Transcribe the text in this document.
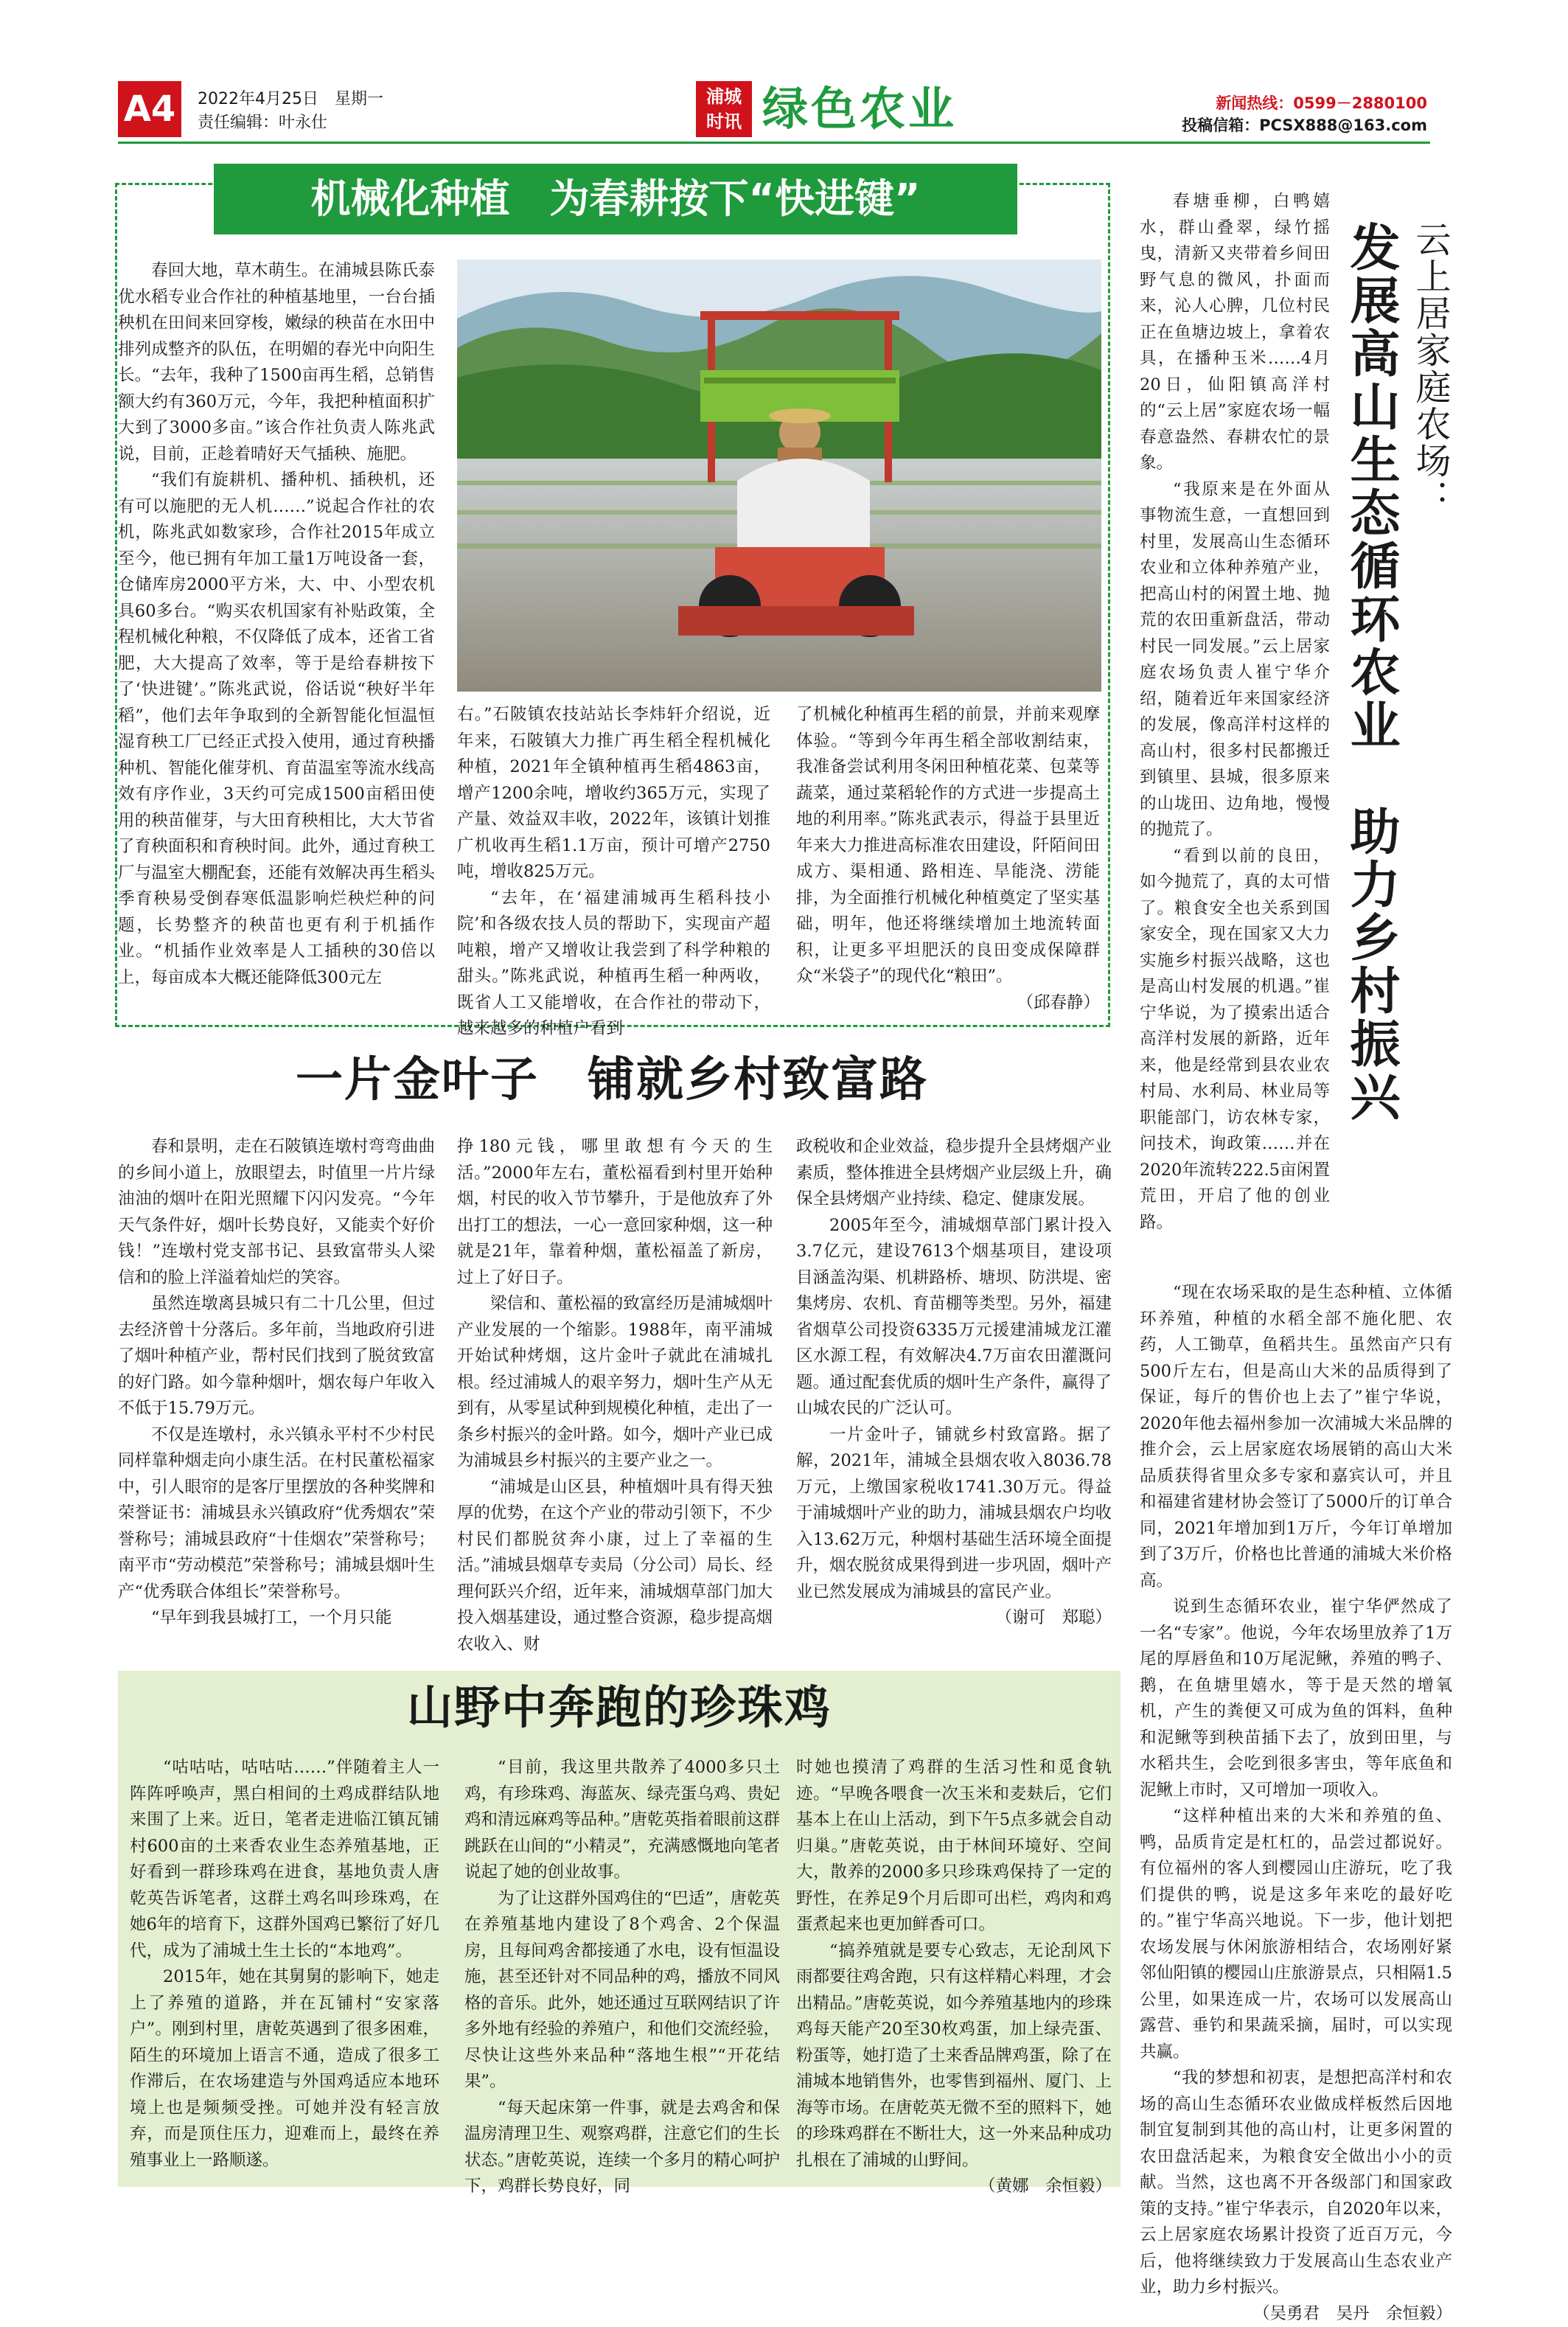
A4	2022年4月25日　星期一
责任编辑：叶永仕
浦城
时讯 绿色农业	新闻热线：0599－2880100
投稿信箱：PCSX888@163.com
机械化种植　为春耕按下“快进键”

春回大地，草木萌生。在浦城县陈氏泰优水稻专业合作社的种植基地里，一台台插秧机在田间来回穿梭，嫩绿的秧苗在水田中排列成整齐的队伍，在明媚的春光中向阳生长。“去年，我种了1500亩再生稻，总销售额大约有360万元，今年，我把种植面积扩大到了3000多亩。”该合作社负责人陈兆武说，目前，正趁着晴好天气插秧、施肥。

“我们有旋耕机、播种机、插秧机，还有可以施肥的无人机……”说起合作社的农机，陈兆武如数家珍，合作社2015年成立至今，他已拥有年加工量1万吨设备一套，仓储库房2000平方米，大、中、小型农机具60多台。“购买农机国家有补贴政策，全程机械化种粮，不仅降低了成本，还省工省肥，大大提高了效率，等于是给春耕按下了‘快进键’。”陈兆武说，俗话说“秧好半年稻”，他们去年争取到的全新智能化恒温恒湿育秧工厂已经正式投入使用，通过育秧播种机、智能化催芽机、育苗温室等流水线高效有序作业，3天约可完成1500亩稻田使用的秧苗催芽，与大田育秧相比，大大节省了育秧面积和育秧时间。此外，通过育秧工厂与温室大棚配套，还能有效解决再生稻头季育秧易受倒春寒低温影响烂秧烂种的问题，长势整齐的秧苗也更有利于机插作业。“机插作业效率是人工插秧的30倍以上，每亩成本大概还能降低300元左

右。”石陂镇农技站站长李炜轩介绍说，近年来，石陂镇大力推广再生稻全程机械化种植，2021年全镇种植再生稻4863亩，增产1200余吨，增收约365万元，实现了产量、效益双丰收，2022年，该镇计划推广机收再生稻1.1万亩，预计可增产2750吨，增收825万元。

“去年，在‘福建浦城再生稻科技小院’和各级农技人员的帮助下，实现亩产超吨粮，增产又增收让我尝到了科学种粮的甜头。”陈兆武说，种植再生稻一种两收，既省人工又能增收，在合作社的带动下，越来越多的种植户看到

了机械化种植再生稻的前景，并前来观摩体验。“等到今年再生稻全部收割结束，我准备尝试利用冬闲田种植花菜、包菜等蔬菜，通过菜稻轮作的方式进一步提高土地的利用率。”陈兆武表示，得益于县里近年来大力推进高标准农田建设，阡陌间田成方、渠相通、路相连、旱能浇、涝能排，为全面推行机械化种植奠定了坚实基础，明年，他还将继续增加土地流转面积，让更多平坦肥沃的良田变成保障群众“米袋子”的现代化“粮田”。

（邱春静）

一片金叶子　铺就乡村致富路

春和景明，走在石陂镇连墩村弯弯曲曲的乡间小道上，放眼望去，时值里一片片绿油油的烟叶在阳光照耀下闪闪发亮。“今年天气条件好，烟叶长势良好，又能卖个好价钱！”连墩村党支部书记、县致富带头人梁信和的脸上洋溢着灿烂的笑容。

虽然连墩离县城只有二十几公里，但过去经济曾十分落后。多年前，当地政府引进了烟叶种植产业，帮村民们找到了脱贫致富的好门路。如今靠种烟叶，烟农每户年收入不低于15.79万元。

不仅是连墩村，永兴镇永平村不少村民同样靠种烟走向小康生活。在村民董松福家中，引人眼帘的是客厅里摆放的各种奖牌和荣誉证书：浦城县永兴镇政府“优秀烟农”荣誉称号；浦城县政府“十佳烟农”荣誉称号；南平市“劳动模范”荣誉称号；浦城县烟叶生产“优秀联合体组长”荣誉称号。

“早年到我县城打工，一个月只能

挣180元钱，哪里敢想有今天的生活。”2000年左右，董松福看到村里开始种烟，村民的收入节节攀升，于是他放弃了外出打工的想法，一心一意回家种烟，这一种就是21年，靠着种烟，董松福盖了新房，过上了好日子。

梁信和、董松福的致富经历是浦城烟叶产业发展的一个缩影。1988年，南平浦城开始试种烤烟，这片金叶子就此在浦城扎根。经过浦城人的艰辛努力，烟叶生产从无到有，从零星试种到规模化种植，走出了一条乡村振兴的金叶路。如今，烟叶产业已成为浦城县乡村振兴的主要产业之一。

“浦城是山区县，种植烟叶具有得天独厚的优势，在这个产业的带动引领下，不少村民们都脱贫奔小康，过上了幸福的生活。”浦城县烟草专卖局（分公司）局长、经理何跃兴介绍，近年来，浦城烟草部门加大投入烟基建设，通过整合资源，稳步提高烟农收入、财

政税收和企业效益，稳步提升全县烤烟产业素质，整体推进全县烤烟产业层级上升，确保全县烤烟产业持续、稳定、健康发展。

2005年至今，浦城烟草部门累计投入3.7亿元，建设7613个烟基项目，建设项目涵盖沟渠、机耕路桥、塘坝、防洪堤、密集烤房、农机、育苗棚等类型。另外，福建省烟草公司投资6335万元援建浦城龙江灌区水源工程，有效解决4.7万亩农田灌溉问题。通过配套优质的烟叶生产条件，赢得了山城农民的广泛认可。

一片金叶子，铺就乡村致富路。据了解，2021年，浦城全县烟农收入8036.78万元，上缴国家税收1741.30万元。得益于浦城烟叶产业的助力，浦城县烟农户均收入13.62万元，种烟村基础生活环境全面提升，烟农脱贫成果得到进一步巩固，烟叶产业已然发展成为浦城县的富民产业。

（谢可　郑聪）

山野中奔跑的珍珠鸡

“咕咕咕，咕咕咕……”伴随着主人一阵阵呼唤声，黑白相间的土鸡成群结队地来围了上来。近日，笔者走进临江镇瓦铺村600亩的土来香农业生态养殖基地，正好看到一群珍珠鸡在进食，基地负责人唐乾英告诉笔者，这群土鸡名叫珍珠鸡，在她6年的培育下，这群外国鸡已繁衍了好几代，成为了浦城土生土长的“本地鸡”。

2015年，她在其舅舅的影响下，她走上了养殖的道路，并在瓦铺村“安家落户”。刚到村里，唐乾英遇到了很多困难，陌生的环境加上语言不通，造成了很多工作滞后，在农场建造与外国鸡适应本地环境上也是频频受挫。可她并没有轻言放弃，而是顶住压力，迎难而上，最终在养殖事业上一路顺遂。

“目前，我这里共散养了4000多只土鸡，有珍珠鸡、海蓝灰、绿壳蛋乌鸡、贵妃鸡和清远麻鸡等品种。”唐乾英指着眼前这群跳跃在山间的“小精灵”，充满感慨地向笔者说起了她的创业故事。

为了让这群外国鸡住的“巴适”，唐乾英在养殖基地内建设了8个鸡舍、2个保温房，且每间鸡舍都接通了水电，设有恒温设施，甚至还针对不同品种的鸡，播放不同风格的音乐。此外，她还通过互联网结识了许多外地有经验的养殖户，和他们交流经验，尽快让这些外来品种“落地生根”“开花结果”。

“每天起床第一件事，就是去鸡舍和保温房清理卫生、观察鸡群，注意它们的生长状态。”唐乾英说，连续一个多月的精心呵护下，鸡群长势良好，同

时她也摸清了鸡群的生活习性和觅食轨迹。“早晚各喂食一次玉米和麦麸后，它们基本上在山上活动，到下午5点多就会自动归巢。”唐乾英说，由于林间环境好、空间大，散养的2000多只珍珠鸡保持了一定的野性，在养足9个月后即可出栏，鸡肉和鸡蛋煮起来也更加鲜香可口。

“搞养殖就是要专心致志，无论刮风下雨都要往鸡舍跑，只有这样精心料理，才会出精品。”唐乾英说，如今养殖基地内的珍珠鸡每天能产20至30枚鸡蛋，加上绿壳蛋、粉蛋等，她打造了土来香品牌鸡蛋，除了在浦城本地销售外，也零售到福州、厦门、上海等市场。在唐乾英无微不至的照料下，她的珍珠鸡群在不断壮大，这一外来品种成功扎根在了浦城的山野间。

（黄娜　余恒毅）

云上居家庭农场：
发展高山生态循环农业　助力乡村振兴

春塘垂柳，白鸭嬉水，群山叠翠，绿竹摇曳，清新又夹带着乡间田野气息的微风，扑面而来，沁人心脾，几位村民正在鱼塘边坡上，拿着农具，在播种玉米……4月20日，仙阳镇高洋村的“云上居”家庭农场一幅春意盎然、春耕农忙的景象。

“我原来是在外面从事物流生意，一直想回到村里，发展高山生态循环农业和立体种养殖产业，把高山村的闲置土地、抛荒的农田重新盘活，带动村民一同发展。”云上居家庭农场负责人崔宁华介绍，随着近年来国家经济的发展，像高洋村这样的高山村，很多村民都搬迁到镇里、县城，很多原来的山垅田、边角地，慢慢的抛荒了。

“看到以前的良田，如今抛荒了，真的太可惜了。粮食安全也关系到国家安全，现在国家又大力实施乡村振兴战略，这也是高山村发展的机遇。”崔宁华说，为了摸索出适合高洋村发展的新路，近年来，他是经常到县农业农村局、水利局、林业局等职能部门，访农林专家，问技术，询政策……并在2020年流转222.5亩闲置荒田，开启了他的创业路。

“现在农场采取的是生态种植、立体循环养殖，种植的水稻全部不施化肥、农药，人工锄草，鱼稻共生。虽然亩产只有500斤左右，但是高山大米的品质得到了保证，每斤的售价也上去了”崔宁华说，2020年他去福州参加一次浦城大米品牌的推介会，云上居家庭农场展销的高山大米品质获得省里众多专家和嘉宾认可，并且和福建省建材协会签订了5000斤的订单合同，2021年增加到1万斤，今年订单增加到了3万斤，价格也比普通的浦城大米价格高。

说到生态循环农业，崔宁华俨然成了一名“专家”。他说，今年农场里放养了1万尾的厚唇鱼和10万尾泥鳅，养殖的鸭子、鹅，在鱼塘里嬉水，等于是天然的增氧机，产生的粪便又可成为鱼的饵料，鱼种和泥鳅等到秧苗插下去了，放到田里，与水稻共生，会吃到很多害虫，等年底鱼和泥鳅上市时，又可增加一项收入。

“这样种植出来的大米和养殖的鱼、鸭，品质肯定是杠杠的，品尝过都说好。有位福州的客人到樱园山庄游玩，吃了我们提供的鸭，说是这多年来吃的最好吃的。”崔宁华高兴地说。下一步，他计划把农场发展与休闲旅游相结合，农场刚好紧邻仙阳镇的樱园山庄旅游景点，只相隔1.5公里，如果连成一片，农场可以发展高山露营、垂钓和果蔬采摘，届时，可以实现共赢。

“我的梦想和初衷，是想把高洋村和农场的高山生态循环农业做成样板然后因地制宜复制到其他的高山村，让更多闲置的农田盘活起来，为粮食安全做出小小的贡献。当然，这也离不开各级部门和国家政策的支持。”崔宁华表示，自2020年以来，云上居家庭农场累计投资了近百万元，今后，他将继续致力于发展高山生态农业产业，助力乡村振兴。

（吴勇君　吴丹　余恒毅）
